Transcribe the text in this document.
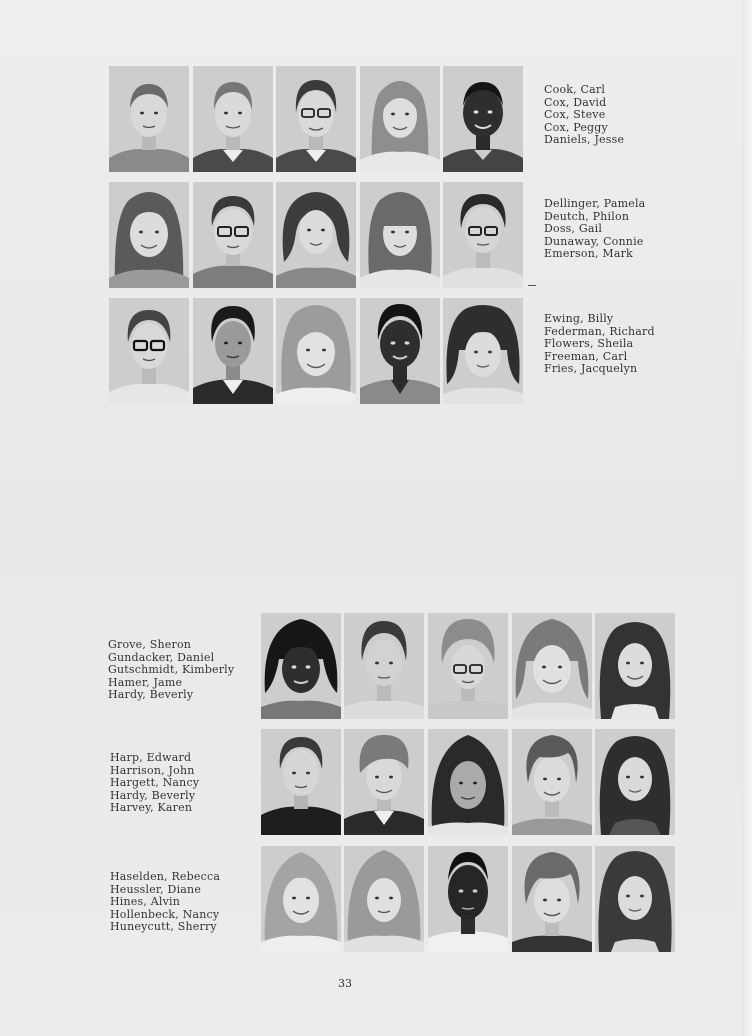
Cook, Carl
Cox, David
Cox, Steve
Cox, Peggy
Daniels, Jesse
Dellinger, Pamela
Deutch, Philon
Doss, Gail
Dunaway, Connie
Emerson, Mark
Ewing, Billy
Federman, Richard
Flowers, Sheila
Freeman, Carl
Fries, Jacquelyn
Grove, Sheron
Gundacker, Daniel
Gutschmidt, Kimberly
Hamer, Jame
Hardy, Beverly
Harp, Edward
Harrison, John
Hargett, Nancy
Hardy, Beverly
Harvey, Karen
Haselden, Rebecca
Heussler, Diane
Hines, Alvin
Hollenbeck, Nancy
Huneycutt, Sherry
33
